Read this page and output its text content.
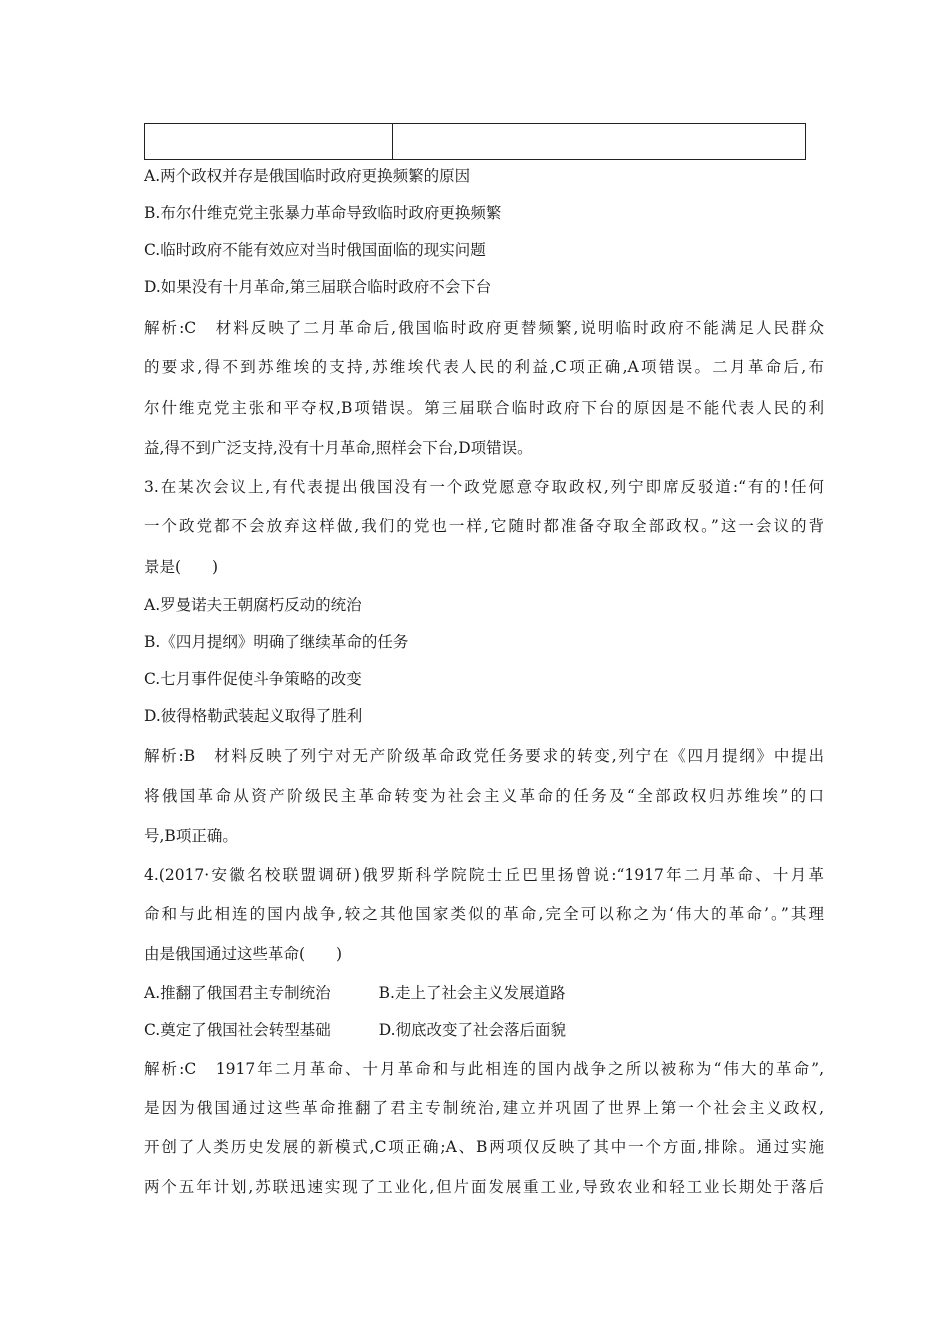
A.两个政权并存是俄国临时政府更换频繁的原因
B.布尔什维克党主张暴力革命导致临时政府更换频繁
C.临时政府不能有效应对当时俄国面临的现实问题
D.如果没有十月革命,第三届联合临时政府不会下台
解析:C　材料反映了二月革命后,俄国临时政府更替频繁,说明临时政府不能满足人民群众
的要求,得不到苏维埃的支持,苏维埃代表人民的利益,C项正确,A项错误。二月革命后,布
尔什维克党主张和平夺权,B项错误。第三届联合临时政府下台的原因是不能代表人民的利
益,得不到广泛支持,没有十月革命,照样会下台,D项错误。
3.在某次会议上,有代表提出俄国没有一个政党愿意夺取政权,列宁即席反驳道:“有的!任何
一个政党都不会放弃这样做,我们的党也一样,它随时都准备夺取全部政权。”这一会议的背
景是(　　)
A.罗曼诺夫王朝腐朽反动的统治
B.《四月提纲》明确了继续革命的任务
C.七月事件促使斗争策略的改变
D.彼得格勒武装起义取得了胜利
解析:B　材料反映了列宁对无产阶级革命政党任务要求的转变,列宁在《四月提纲》中提出
将俄国革命从资产阶级民主革命转变为社会主义革命的任务及“全部政权归苏维埃”的口
号,B项正确。
4.(2017·安徽名校联盟调研)俄罗斯科学院院士丘巴里扬曾说:“1917年二月革命、十月革
命和与此相连的国内战争,较之其他国家类似的革命,完全可以称之为‘伟大的革命’。”其理
由是俄国通过这些革命(　　)
A.推翻了俄国君主专制统治	B.走上了社会主义发展道路
C.奠定了俄国社会转型基础	D.彻底改变了社会落后面貌
解析:C　1917年二月革命、十月革命和与此相连的国内战争之所以被称为“伟大的革命”,
是因为俄国通过这些革命推翻了君主专制统治,建立并巩固了世界上第一个社会主义政权,
开创了人类历史发展的新模式,C项正确;A、B两项仅反映了其中一个方面,排除。通过实施
两个五年计划,苏联迅速实现了工业化,但片面发展重工业,导致农业和轻工业长期处于落后
